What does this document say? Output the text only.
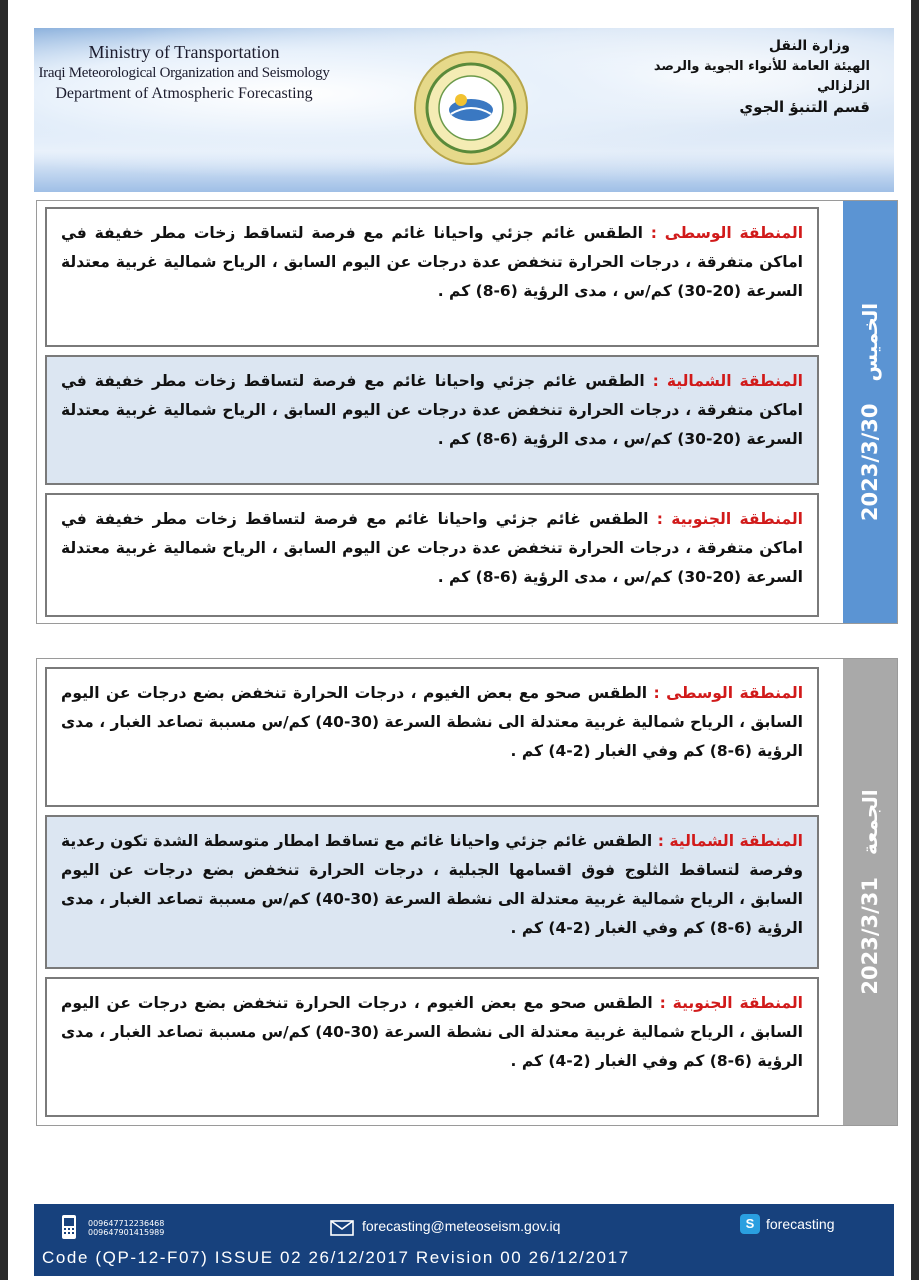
Ministry of Transportation
Iraqi Meteorological Organization and Seismology
Department of Atmospheric Forecasting
وزارة النقل
الهيئة العامة للأنواء الجوية والرصد الزلزالي
قسم التنبؤ الجوي
المنطقة الوسطى : الطقس غائم جزئي واحيانا غائم مع فرصة لتساقط زخات مطر خفيفة في اماكن متفرقة ، درجات الحرارة تنخفض عدة درجات عن اليوم السابق ، الرياح شمالية غربية معتدلة السرعة (20-30) كم/س ، مدى الرؤية (6-8) كم .
المنطقة الشمالية : الطقس غائم جزئي واحيانا غائم مع فرصة لتساقط زخات مطر خفيفة في اماكن متفرقة ، درجات الحرارة تنخفض عدة درجات عن اليوم السابق ، الرياح شمالية غربية معتدلة السرعة (20-30) كم/س ، مدى الرؤية (6-8) كم .
المنطقة الجنوبية : الطقس غائم جزئي واحيانا غائم مع فرصة لتساقط زخات مطر خفيفة في اماكن متفرقة ، درجات الحرارة تنخفض عدة درجات عن اليوم السابق ، الرياح شمالية غربية معتدلة السرعة (20-30) كم/س ، مدى الرؤية (6-8) كم .
2023/3/30الخميس
المنطقة الوسطى : الطقس صحو مع بعض الغيوم ، درجات الحرارة تنخفض بضع درجات عن اليوم السابق ، الرياح شمالية غربية معتدلة الى نشطة السرعة (30-40) كم/س مسببة تصاعد الغبار ، مدى الرؤية (6-8) كم وفي الغبار (2-4) كم .
المنطقة الشمالية : الطقس غائم جزئي واحيانا غائم مع تساقط امطار متوسطة الشدة تكون رعدية وفرصة لتساقط الثلوج فوق اقسامها الجبلية ، درجات الحرارة تنخفض بضع درجات عن اليوم السابق ، الرياح شمالية غربية معتدلة الى نشطة السرعة (30-40) كم/س مسببة تصاعد الغبار ، مدى الرؤية (6-8) كم وفي الغبار (2-4) كم .
المنطقة الجنوبية : الطقس صحو مع بعض الغيوم ، درجات الحرارة تنخفض بضع درجات عن اليوم السابق ، الرياح شمالية غربية معتدلة الى نشطة السرعة (30-40) كم/س مسببة تصاعد الغبار ، مدى الرؤية (6-8) كم وفي الغبار (2-4) كم .
2023/3/31الجمعة
009647712236468
009647901415989	forecasting@meteoseism.gov.iq	S forecasting
Code (QP-12-F07) ISSUE 02 26/12/2017 Revision 00 26/12/2017
